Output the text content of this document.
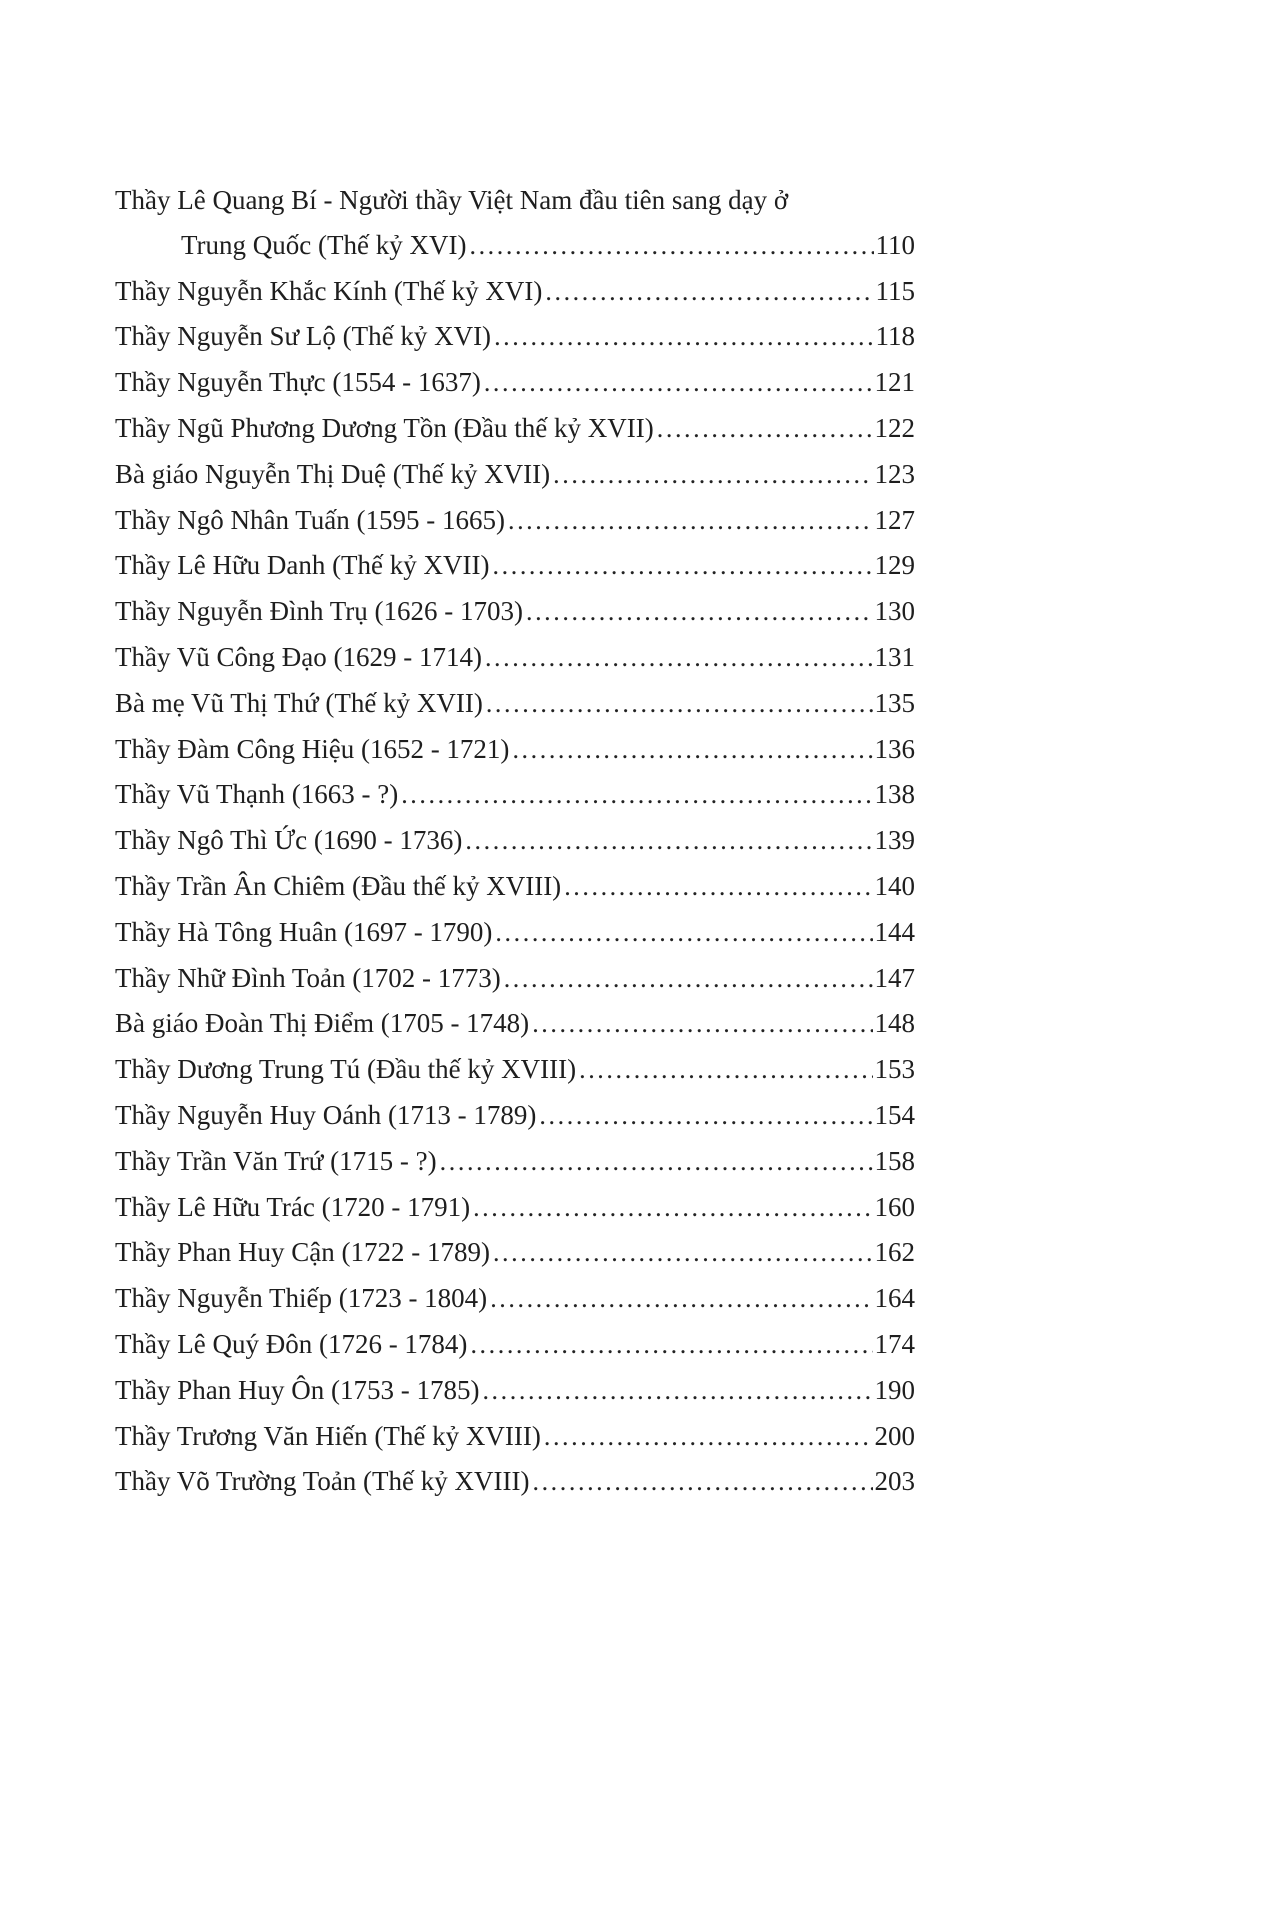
Thầy Lê Quang Bí - Người thầy Việt Nam đầu tiên sang dạy ở
Trung Quốc (Thế kỷ XVI) .....	110
Thầy Nguyễn Khắc Kính (Thế kỷ XVI) .....	115
Thầy Nguyễn Sư Lộ (Thế kỷ XVI) .....	118
Thầy Nguyễn Thực (1554 - 1637) .....	121
Thầy Ngũ Phương Dương Tồn (Đầu thế kỷ XVII) .....	122
Bà giáo Nguyễn Thị Duệ (Thế kỷ XVII) .....	123
Thầy Ngô Nhân Tuấn (1595 - 1665) .....	127
Thầy Lê Hữu Danh (Thế kỷ XVII) .....	129
Thầy Nguyễn Đình Trụ (1626 - 1703) .....	130
Thầy Vũ Công Đạo (1629 - 1714) .....	131
Bà mẹ Vũ Thị Thứ (Thế kỷ XVII) .....	135
Thầy Đàm Công Hiệu (1652 - 1721) .....	136
Thầy Vũ Thạnh (1663 - ?) .....	138
Thầy Ngô Thì Ức (1690 - 1736) .....	139
Thầy Trần Ân Chiêm (Đầu thế kỷ XVIII) .....	140
Thầy Hà Tông Huân (1697 - 1790) .....	144
Thầy Nhữ Đình Toản (1702 - 1773) .....	147
Bà giáo Đoàn Thị Điểm (1705 - 1748) .....	148
Thầy Dương Trung Tú (Đầu thế kỷ XVIII) .....	153
Thầy Nguyễn Huy Oánh (1713 - 1789) .....	154
Thầy Trần Văn Trứ (1715 - ?) .....	158
Thầy Lê Hữu Trác (1720 - 1791) .....	160
Thầy Phan Huy Cận (1722 - 1789) .....	162
Thầy Nguyễn Thiếp (1723 - 1804) .....	164
Thầy Lê Quý Đôn (1726 - 1784) .....	174
Thầy Phan Huy Ôn (1753 - 1785) .....	190
Thầy Trương Văn Hiến (Thế kỷ XVIII) .....	200
Thầy Võ Trường Toản (Thế kỷ XVIII) .....	203
